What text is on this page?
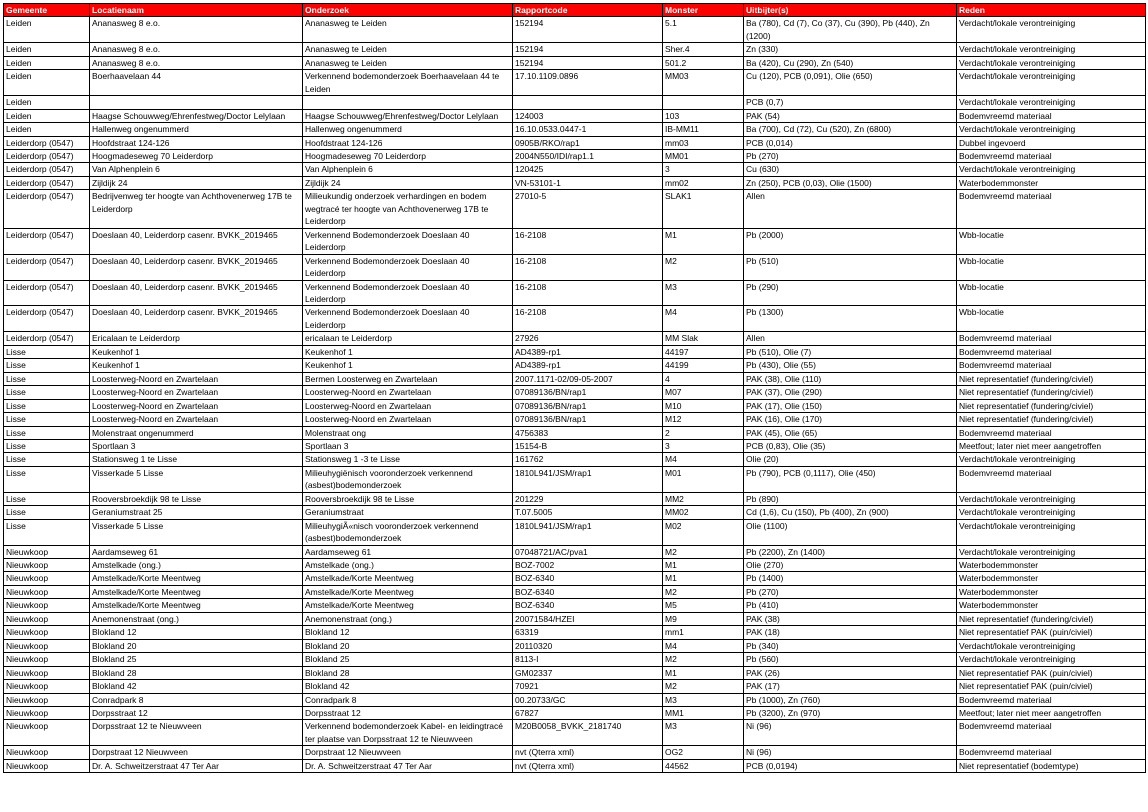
Gemeente	Locatienaam	Onderzoek	Rapportcode	Monster	Uitbijter(s)	Reden
Leiden	Ananasweg 8 e.o.	Ananasweg te Leiden	152194	5.1	Ba (780), Cd (7), Co (37), Cu (390), Pb (440), Zn (1200)	Verdacht/lokale verontreiniging
Leiden	Ananasweg 8 e.o.	Ananasweg te Leiden	152194	Sher.4	Zn (330)	Verdacht/lokale verontreiniging
Leiden	Ananasweg 8 e.o.	Ananasweg te Leiden	152194	501.2	Ba (420), Cu (290), Zn (540)	Verdacht/lokale verontreiniging
Leiden	Boerhaavelaan 44	Verkennend bodemonderzoek Boerhaavelaan 44 te Leiden	17.10.1109.0896	MM03	Cu (120), PCB (0,091), Olie (650)	Verdacht/lokale verontreiniging
Leiden					PCB (0,7)	Verdacht/lokale verontreiniging
Leiden	Haagse Schouwweg/Ehrenfestweg/Doctor Lelylaan	Haagse Schouwweg/Ehrenfestweg/Doctor Lelylaan	124003	103	PAK (54)	Bodemvreemd materiaal
Leiden	Hallenweg ongenummerd	Hallenweg ongenummerd	16.10.0533.0447-1	IB-MM11	Ba (700), Cd (72), Cu (520), Zn (6800)	Verdacht/lokale verontreiniging
Leiderdorp (0547)	Hoofdstraat 124-126	Hoofdstraat 124-126	0905B/RKO/rap1	mm03	PCB (0,014)	Dubbel ingevoerd
Leiderdorp (0547)	Hoogmadeseweg 70 Leiderdorp	Hoogmadeseweg 70 Leiderdorp	2004N550/IDI/rap1.1	MM01	Pb (270)	Bodemvreemd materiaal
Leiderdorp (0547)	Van Alphenplein 6	Van Alphenplein 6	120425	3	Cu (630)	Verdacht/lokale verontreiniging
Leiderdorp (0547)	Zijldijk 24	Zijldijk 24	VN-53101-1	mm02	Zn (250), PCB (0,03), Olie (1500)	Waterbodemmonster
Leiderdorp (0547)	Bedrijvenweg ter hoogte van Achthovenerweg 17B te Leiderdorp	Milieukundig onderzoek verhardingen en bodem wegtracé ter hoogte van Achthovenerweg 17B te Leiderdorp	27010-5	SLAK1	Allen	Bodemvreemd materiaal
Leiderdorp (0547)	Doeslaan 40, Leiderdorp casenr. BVKK_2019465	Verkennend Bodemonderzoek Doeslaan 40 Leiderdorp	16-2108	M1	Pb (2000)	Wbb-locatie
Leiderdorp (0547)	Doeslaan 40, Leiderdorp casenr. BVKK_2019465	Verkennend Bodemonderzoek Doeslaan 40 Leiderdorp	16-2108	M2	Pb (510)	Wbb-locatie
Leiderdorp (0547)	Doeslaan 40, Leiderdorp casenr. BVKK_2019465	Verkennend Bodemonderzoek Doeslaan 40 Leiderdorp	16-2108	M3	Pb (290)	Wbb-locatie
Leiderdorp (0547)	Doeslaan 40, Leiderdorp casenr. BVKK_2019465	Verkennend Bodemonderzoek Doeslaan 40 Leiderdorp	16-2108	M4	Pb (1300)	Wbb-locatie
Leiderdorp (0547)	Ericalaan te Leiderdorp	ericalaan te Leiderdorp	27926	MM Slak	Allen	Bodemvreemd materiaal
Lisse	Keukenhof 1	Keukenhof 1	AD4389-rp1	44197	Pb (510), Olie (7)	Bodemvreemd materiaal
Lisse	Keukenhof 1	Keukenhof 1	AD4389-rp1	44199	Pb (430), Olie (55)	Bodemvreemd materiaal
Lisse	Loosterweg-Noord en Zwartelaan	Bermen Loosterweg en Zwartelaan	2007.1171-02/09-05-2007	4	PAK (38), Olie (110)	Niet representatief (fundering/civiel)
Lisse	Loosterweg-Noord en Zwartelaan	Loosterweg-Noord en Zwartelaan	07089136/BN/rap1	M07	PAK (37), Olie (290)	Niet representatief (fundering/civiel)
Lisse	Loosterweg-Noord en Zwartelaan	Loosterweg-Noord en Zwartelaan	07089136/BN/rap1	M10	PAK (17), Olie (150)	Niet representatief (fundering/civiel)
Lisse	Loosterweg-Noord en Zwartelaan	Loosterweg-Noord en Zwartelaan	07089136/BN/rap1	M12	PAK (16), Olie (170)	Niet representatief (fundering/civiel)
Lisse	Molenstraat ongenummerd	Molenstraat ong	4756383	2	PAK (45), Olie (65)	Bodemvreemd materiaal
Lisse	Sportlaan 3	Sportlaan 3	15154-B	3	PCB (0,83), Olie (35)	Meetfout; later niet meer aangetroffen
Lisse	Stationsweg 1 te Lisse	Stationsweg 1 -3 te Lisse	161762	M4	Olie (20)	Verdacht/lokale verontreiniging
Lisse	Visserkade 5 Lisse	Milieuhygiënisch vooronderzoek verkennend (asbest)bodemonderzoek	1810L941/JSM/rap1	M01	Pb (790), PCB (0,1117), Olie (450)	Bodemvreemd materiaal
Lisse	Rooversbroekdijk 98 te Lisse	Rooversbroekdijk 98 te Lisse	201229	MM2	Pb (890)	Verdacht/lokale verontreiniging
Lisse	Geraniumstraat 25	Geraniumstraat	T.07.5005	MM02	Cd (1,6), Cu (150), Pb (400), Zn (900)	Verdacht/lokale verontreiniging
Lisse	Visserkade 5 Lisse	MilieuhygiÃ«nisch vooronderzoek verkennend (asbest)bodemonderzoek	1810L941/JSM/rap1	M02	Olie (1100)	Verdacht/lokale verontreiniging
Nieuwkoop	Aardamseweg 61	Aardamseweg 61	07048721/AC/pva1	M2	Pb (2200), Zn (1400)	Verdacht/lokale verontreiniging
Nieuwkoop	Amstelkade (ong.)	Amstelkade (ong.)	BOZ-7002	M1	Olie (270)	Waterbodemmonster
Nieuwkoop	Amstelkade/Korte Meentweg	Amstelkade/Korte Meentweg	BOZ-6340	M1	Pb (1400)	Waterbodemmonster
Nieuwkoop	Amstelkade/Korte Meentweg	Amstelkade/Korte Meentweg	BOZ-6340	M2	Pb (270)	Waterbodemmonster
Nieuwkoop	Amstelkade/Korte Meentweg	Amstelkade/Korte Meentweg	BOZ-6340	M5	Pb (410)	Waterbodemmonster
Nieuwkoop	Anemonenstraat (ong.)	Anemonenstraat (ong.)	20071584/HZEI	M9	PAK (38)	Niet representatief (fundering/civiel)
Nieuwkoop	Blokland 12	Blokland 12	63319	mm1	PAK (18)	Niet representatief PAK (puin/civiel)
Nieuwkoop	Blokland 20	Blokland 20	20110320	M4	Pb (340)	Verdacht/lokale verontreiniging
Nieuwkoop	Blokland 25	Blokland 25	8113-I	M2	Pb (560)	Verdacht/lokale verontreiniging
Nieuwkoop	Blokland 28	Blokland 28	GM02337	M1	PAK (26)	Niet representatief PAK (puin/civiel)
Nieuwkoop	Blokland 42	Blokland 42	70921	M2	PAK (17)	Niet representatief PAK (puin/civiel)
Nieuwkoop	Conradpark 8	Conradpark 8	00.20733/GC	M3	Pb (1000), Zn (760)	Bodemvreemd materiaal
Nieuwkoop	Dorpsstraat 12	Dorpsstraat 12	67827	MM1	Pb (3200), Zn (970)	Meetfout; later niet meer aangetroffen
Nieuwkoop	Dorpsstraat 12 te Nieuwveen	Verkennend bodemonderzoek Kabel- en leidingtracé ter plaatse van Dorpsstraat 12 te Nieuwveen	M20B0058_BVKK_2181740	M3	Ni (96)	Bodemvreemd materiaal
Nieuwkoop	Dorpstraat 12 Nieuwveen	Dorpstraat 12 Nieuwveen	nvt (Qterra xml)	OG2	Ni (96)	Bodemvreemd materiaal
Nieuwkoop	Dr. A. Schweitzerstraat 47 Ter Aar	Dr. A. Schweitzerstraat 47 Ter Aar	nvt (Qterra xml)	44562	PCB (0,0194)	Niet representatief (bodemtype)
